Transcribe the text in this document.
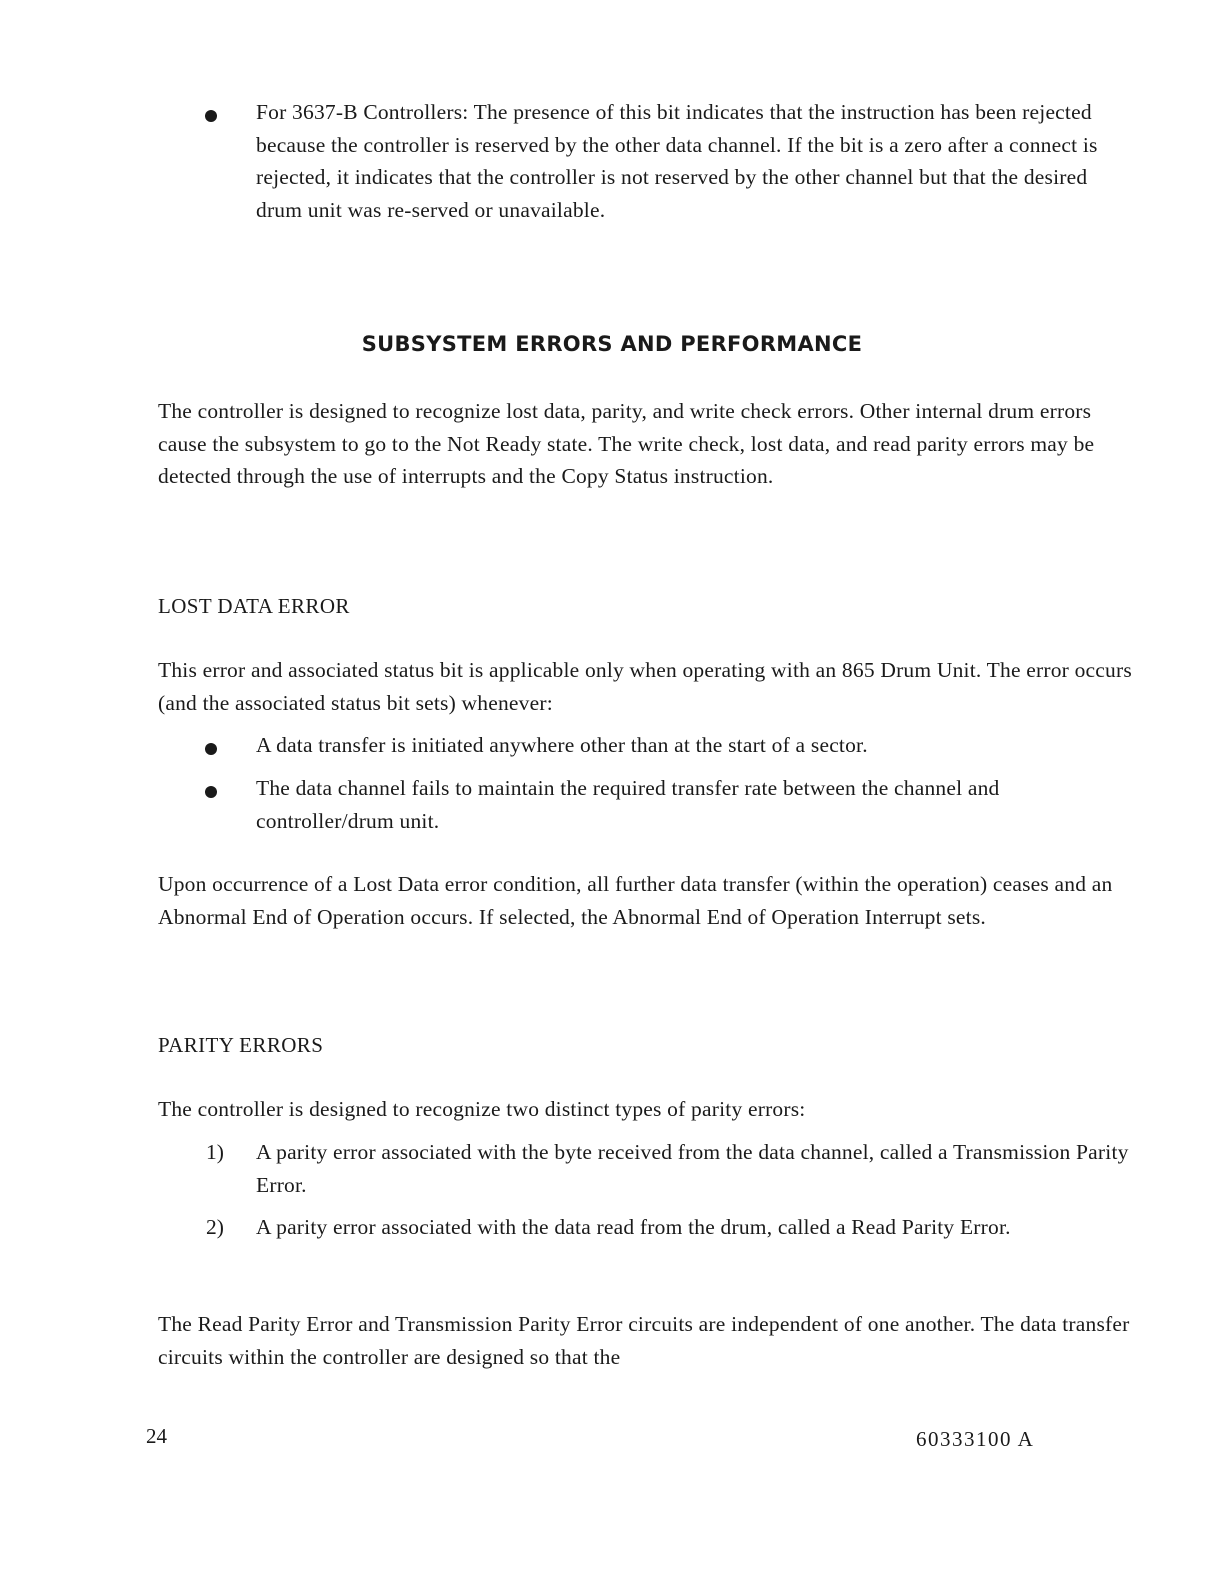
For 3637-B Controllers: The presence of this bit indicates that the instruction has been rejected because the controller is reserved by the other data channel. If the bit is a zero after a connect is rejected, it indicates that the controller is not reserved by the other channel but that the desired drum unit was re-served or unavailable.

SUBSYSTEM ERRORS AND PERFORMANCE

The controller is designed to recognize lost data, parity, and write check errors. Other internal drum errors cause the subsystem to go to the Not Ready state. The write check, lost data, and read parity errors may be detected through the use of interrupts and the Copy Status instruction.

LOST DATA ERROR

This error and associated status bit is applicable only when operating with an 865 Drum Unit. The error occurs (and the associated status bit sets) whenever:

A data transfer is initiated anywhere other than at the start of a sector.

The data channel fails to maintain the required transfer rate between the channel and controller/drum unit.

Upon occurrence of a Lost Data error condition, all further data transfer (within the operation) ceases and an Abnormal End of Operation occurs. If selected, the Abnormal End of Operation Interrupt sets.

PARITY ERRORS

The controller is designed to recognize two distinct types of parity errors:

1) A parity error associated with the byte received from the data channel, called a Transmission Parity Error.

2) A parity error associated with the data read from the drum, called a Read Parity Error.

The Read Parity Error and Transmission Parity Error circuits are independent of one another. The data transfer circuits within the controller are designed so that the

24	60333100 A
